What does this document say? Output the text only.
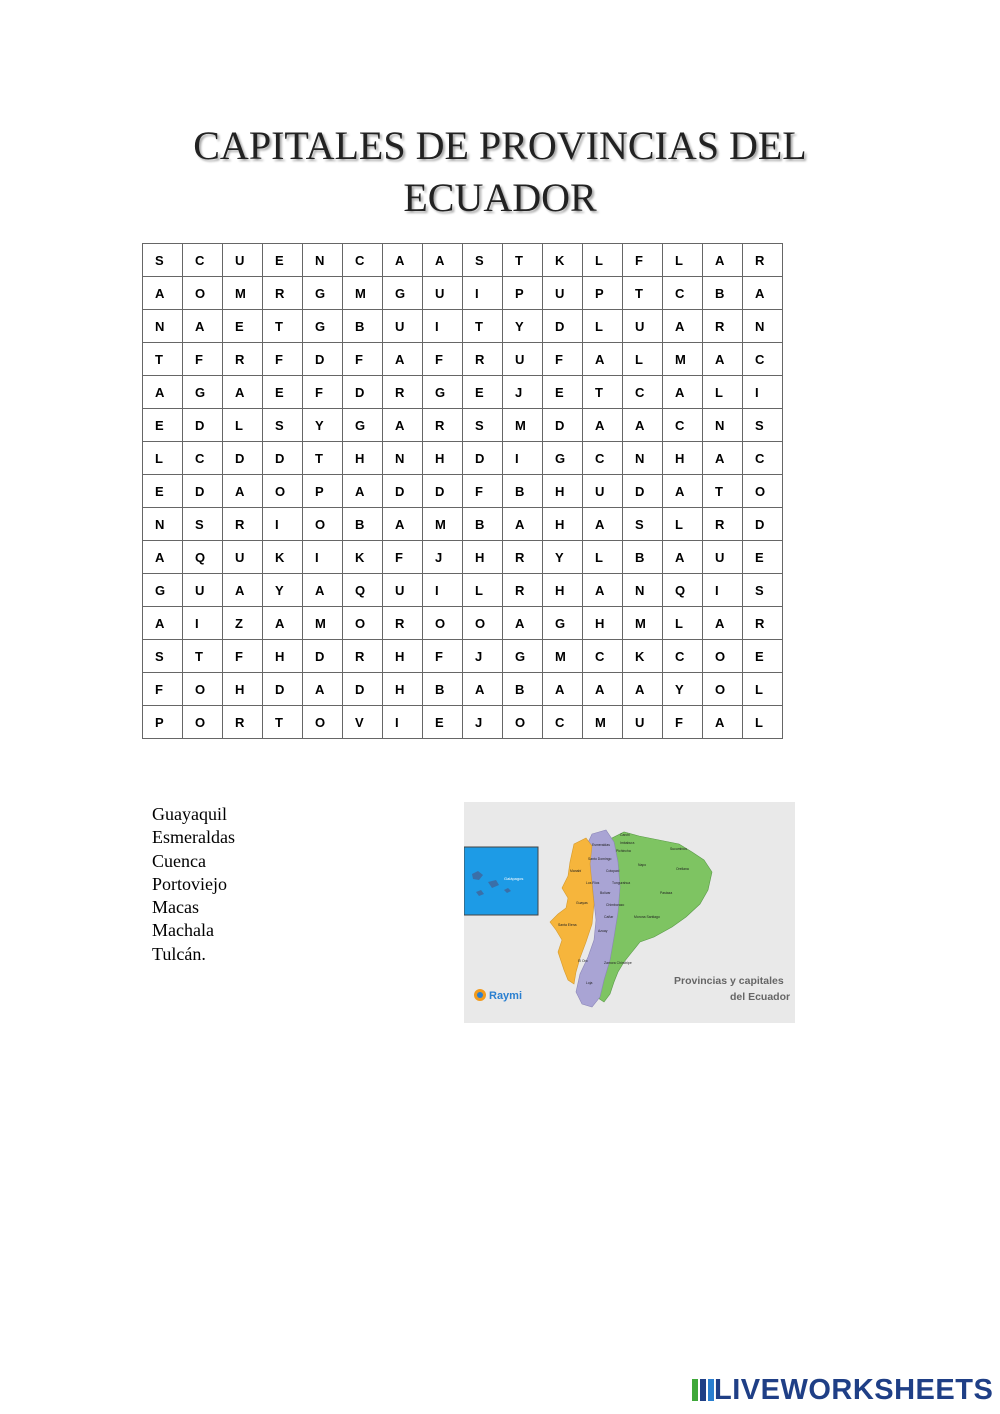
CAPITALES DE PROVINCIAS DEL
ECUADOR
S	C	U	E	N	C	A	A	S	T	K	L	F	L	A	R
A	O	M	R	G	M	G	U	I	P	U	P	T	C	B	A
N	A	E	T	G	B	U	I	T	Y	D	L	U	A	R	N
T	F	R	F	D	F	A	F	R	U	F	A	L	M	A	C
A	G	A	E	F	D	R	G	E	J	E	T	C	A	L	I
E	D	L	S	Y	G	A	R	S	M	D	A	A	C	N	S
L	C	D	D	T	H	N	H	D	I	G	C	N	H	A	C
E	D	A	O	P	A	D	D	F	B	H	U	D	A	T	O
N	S	R	I	O	B	A	M	B	A	H	A	S	L	R	D
A	Q	U	K	I	K	F	J	H	R	Y	L	B	A	U	E
G	U	A	Y	A	Q	U	I	L	R	H	A	N	Q	I	S
A	I	Z	A	M	O	R	O	O	A	G	H	M	L	A	R
S	T	F	H	D	R	H	F	J	G	M	C	K	C	O	E
F	O	H	D	A	D	H	B	A	B	A	A	A	Y	O	L
P	O	R	T	O	V	I	E	J	O	C	M	U	F	A	L
Guayaquil
Esmeraldas
Cuenca
Portoviejo
Macas
Machala
Tulcán.
Galápagos
Esmeraldas
Carchi
Imbabura
Pichincha	Sucumbíos
Santo Domingo
Manabí
Napo
Orellana
Cotopaxi
Los Ríos	Tungurahua
Pastaza
Bolívar
Guayas	Chimborazo
Santa Elena
Cañar	Morona Santiago
Azuay
El Oro
Loja
Zamora Chinchipe
Raymi
Provincias y capitales
del Ecuador
LIVEWORKSHEETS
